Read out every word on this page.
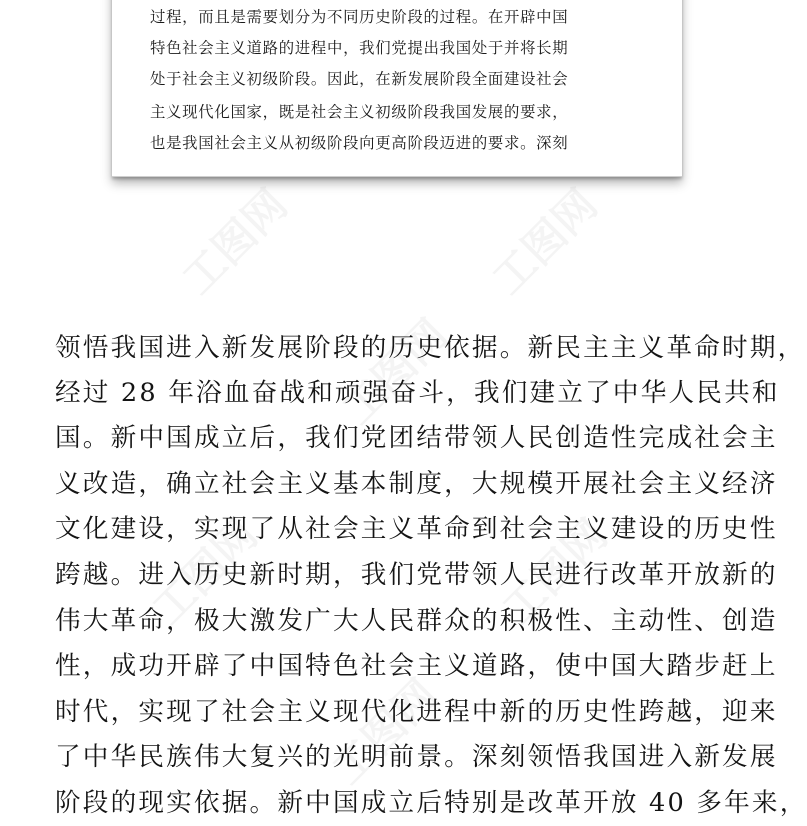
过程，而且是需要划分为不同历史阶段的过程。在开辟中国
特色社会主义道路的进程中，我们党提出我国处于并将长期
处于社会主义初级阶段。因此，在新发展阶段全面建设社会
主义现代化国家，既是社会主义初级阶段我国发展的要求，
也是我国社会主义从初级阶段向更高阶段迈进的要求。深刻
领悟我国进入新发展阶段的历史依据。新民主主义革命时期，
经过 28 年浴血奋战和顽强奋斗，我们建立了中华人民共和
国。新中国成立后，我们党团结带领人民创造性完成社会主
义改造，确立社会主义基本制度，大规模开展社会主义经济
文化建设，实现了从社会主义革命到社会主义建设的历史性
跨越。进入历史新时期，我们党带领人民进行改革开放新的
伟大革命，极大激发广大人民群众的积极性、主动性、创造
性，成功开辟了中国特色社会主义道路，使中国大踏步赶上
时代，实现了社会主义现代化进程中新的历史性跨越，迎来
了中华民族伟大复兴的光明前景。深刻领悟我国进入新发展
阶段的现实依据。新中国成立后特别是改革开放 40 多年来，
